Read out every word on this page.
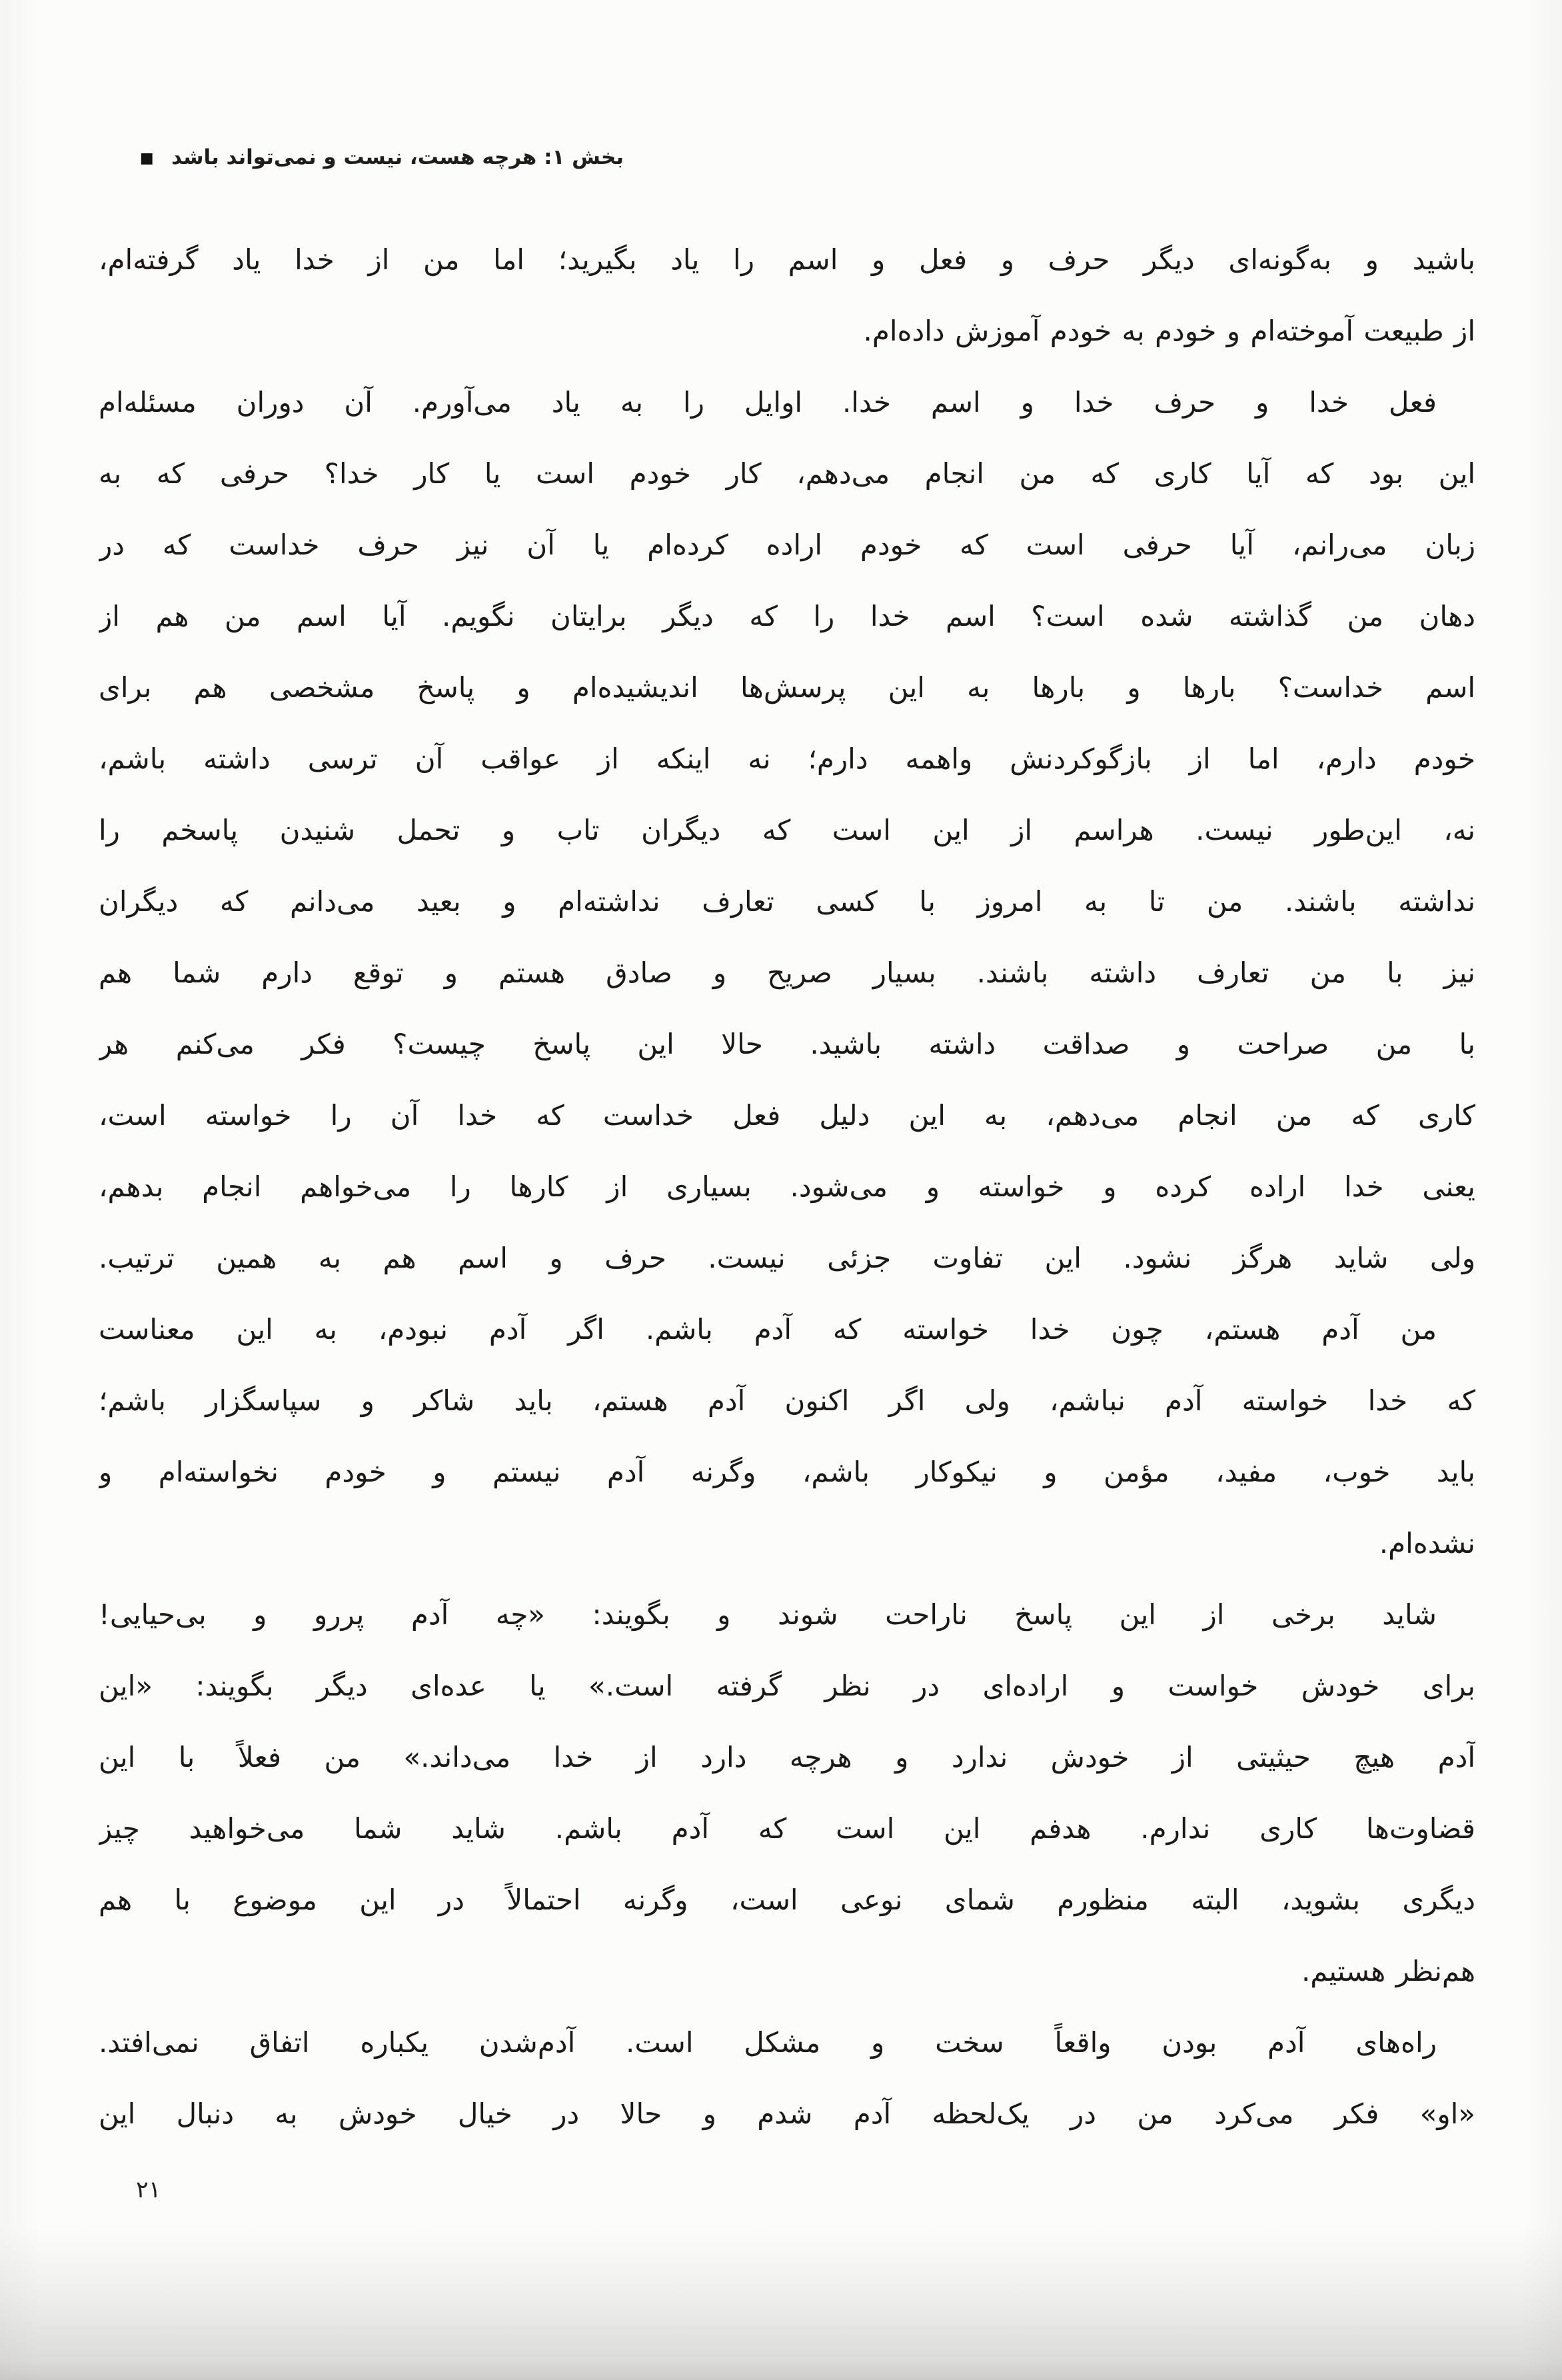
بخش ۱: هرچه هست، نیست و نمی‌تواند باشد
■
باشید و به‌گونه‌ای دیگر حرف و فعل و اسم را یاد بگیرید؛ اما من از خدا یاد گرفته‌ام،
از طبیعت آموخته‌ام و خودم به خودم آموزش داده‌ام.
فعل خدا و حرف خدا و اسم خدا. اوایل را به یاد می‌آورم. آن دوران مسئله‌ام
این بود که آیا کاری که من انجام می‌دهم، کار خودم است یا کار خدا؟ حرفی که به
زبان می‌رانم، آیا حرفی است که خودم اراده کرده‌ام یا آن نیز حرف خداست که در
دهان من گذاشته شده است؟ اسم خدا را که دیگر برایتان نگویم. آیا اسم من هم از
اسم خداست؟ بارها و بارها به این پرسش‌ها اندیشیده‌ام و پاسخ مشخصی هم برای
خودم دارم، اما از بازگوکردنش واهمه دارم؛ نه اینکه از عواقب آن ترسی داشته باشم،
نه، این‌طور نیست. هراسم از این است که دیگران تاب و تحمل شنیدن پاسخم را
نداشته باشند. من تا به امروز با کسی تعارف نداشته‌ام و بعید می‌دانم که دیگران
نیز با من تعارف داشته باشند. بسیار صریح و صادق هستم و توقع دارم شما هم
با من صراحت و صداقت داشته باشید. حالا این پاسخ چیست؟ فکر می‌کنم هر
کاری که من انجام می‌دهم، به این دلیل فعل خداست که خدا آن را خواسته است،
یعنی خدا اراده کرده و خواسته و می‌شود. بسیاری از کارها را می‌خواهم انجام بدهم،
ولی شاید هرگز نشود. این تفاوت جزئی نیست. حرف و اسم هم به همین ترتیب.
من آدم هستم، چون خدا خواسته که آدم باشم. اگر آدم نبودم، به این معناست
که خدا خواسته آدم نباشم، ولی اگر اکنون آدم هستم، باید شاکر و سپاسگزار باشم؛
باید خوب، مفید، مؤمن و نیکوکار باشم، وگرنه آدم نیستم و خودم نخواسته‌ام و
نشده‌ام.
شاید برخی از این پاسخ ناراحت شوند و بگویند: «چه آدم پررو و بی‌حیایی!
برای خودش خواست و اراده‌ای در نظر گرفته است.» یا عده‌ای دیگر بگویند: «این
آدم هیچ حیثیتی از خودش ندارد و هرچه دارد از خدا می‌داند.» من فعلاً با این
قضاوت‌ها کاری ندارم. هدفم این است که آدم باشم. شاید شما می‌خواهید چیز
دیگری بشوید، البته منظورم شمای نوعی است، وگرنه احتمالاً در این موضوع با هم
هم‌نظر هستیم.
راه‌های آدم بودن واقعاً سخت و مشکل است. آدم‌شدن یکباره اتفاق نمی‌افتد.
«او» فکر می‌کرد من در یک‌لحظه آدم شدم و حالا در خیال خودش به دنبال این
۲۱
